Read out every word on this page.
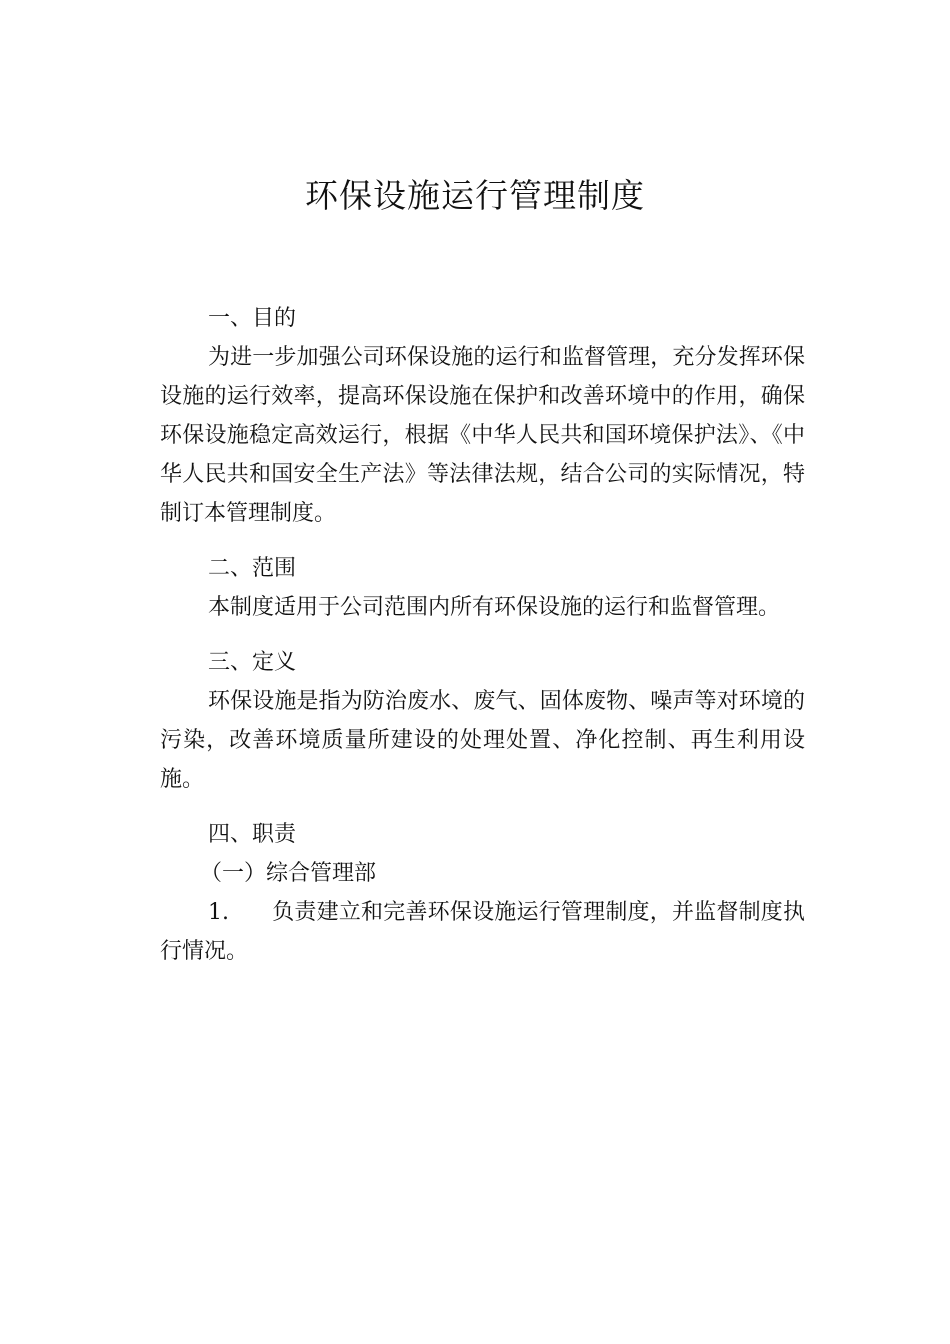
环保设施运行管理制度
一、目的

为进一步加强公司环保设施的运行和监督管理，充分发挥环保设施的运行效率，提高环保设施在保护和改善环境中的作用，确保环保设施稳定高效运行，根据《中华人民共和国环境保护法》、《中华人民共和国安全生产法》等法律法规，结合公司的实际情况，特制订本管理制度。

二、范围

本制度适用于公司范围内所有环保设施的运行和监督管理。

三、定义

环保设施是指为防治废水、废气、固体废物、噪声等对环境的污染，改善环境质量所建设的处理处置、净化控制、再生利用设施。

四、职责

（一）综合管理部

1. 负责建立和完善环保设施运行管理制度，并监督制度执行情况。
